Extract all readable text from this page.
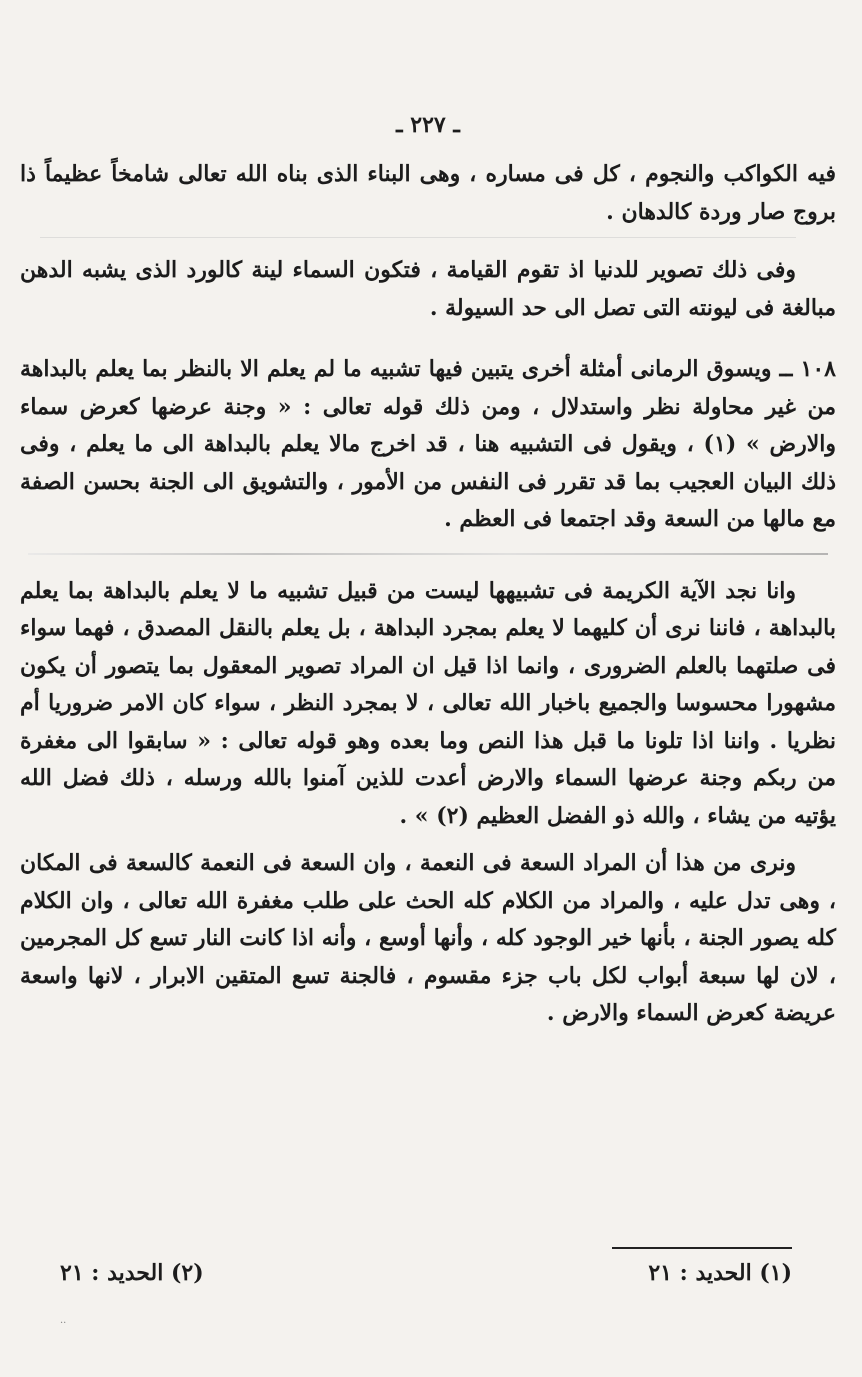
ـ ٢٢٧ ـ

فيه الكواكب والنجوم ، كل فى مساره ، وهى البناء الذى بناه الله تعالى شامخاً عظيماً ذا بروج صار وردة كالدهان .

وفى ذلك تصوير للدنيا اذ تقوم القيامة ، فتكون السماء لينة كالورد الذى يشبه الدهن مبالغة فى ليونته التى تصل الى حد السيولة .

١٠٨ ــ ويسوق الرمانى أمثلة أخرى يتبين فيها تشبيه ما لم يعلم الا بالنظر بما يعلم بالبداهة من غير محاولة نظر واستدلال ، ومن ذلك قوله تعالى : « وجنة عرضها كعرض سماء والارض » (١) ، ويقول فى التشبيه هنا ، قد اخرج مالا يعلم بالبداهة الى ما يعلم ، وفى ذلك البيان العجيب بما قد تقرر فى النفس من الأمور ، والتشويق الى الجنة بحسن الصفة مع مالها من السعة وقد اجتمعا فى العظم .

وانا نجد الآية الكريمة فى تشبيهها ليست من قبيل تشبيه ما لا يعلم بالبداهة بما يعلم بالبداهة ، فاننا نرى أن كليهما لا يعلم بمجرد البداهة ، بل يعلم بالنقل المصدق ، فهما سواء فى صلتهما بالعلم الضرورى ، وانما اذا قيل ان المراد تصوير المعقول بما يتصور أن يكون مشهورا محسوسا والجميع باخبار الله تعالى ، لا بمجرد النظر ، سواء كان الامر ضروريا أم نظريا . واننا اذا تلونا ما قبل هذا النص وما بعده وهو قوله تعالى : « سابقوا الى مغفرة من ربكم وجنة عرضها السماء والارض أعدت للذين آمنوا بالله ورسله ، ذلك فضل الله يؤتيه من يشاء ، والله ذو الفضل العظيم (٢) » .

ونرى من هذا أن المراد السعة فى النعمة ، وان السعة فى النعمة كالسعة فى المكان ، وهى تدل عليه ، والمراد من الكلام كله الحث على طلب مغفرة الله تعالى ، وان الكلام كله يصور الجنة ، بأنها خير الوجود كله ، وأنها أوسع ، وأنه اذا كانت النار تسع كل المجرمين ، لان لها سبعة أبواب لكل باب جزء مقسوم ، فالجنة تسع المتقين الابرار ، لانها واسعة عريضة كعرض السماء والارض .

(١) الحديد : ٢١
(٢) الحديد : ٢١
··
